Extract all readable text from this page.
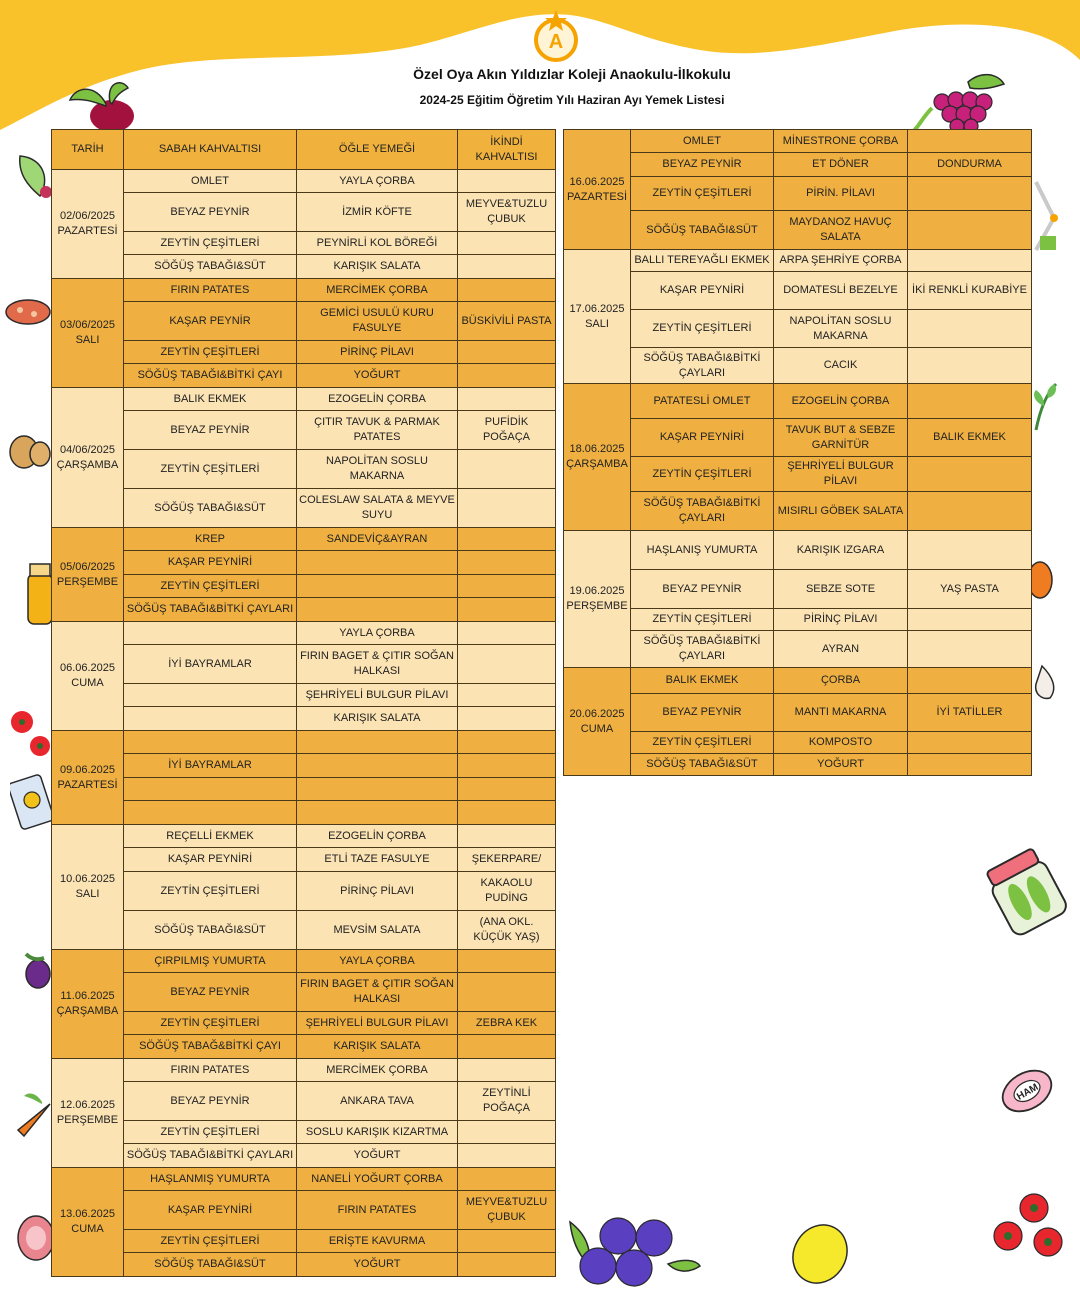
A
Özel Oya Akın Yıldızlar Koleji Anaokulu-İlkokulu
2024-25 Eğitim Öğretim Yılı Haziran Ayı Yemek Listesi
HAM
TARİH	SABAH KAHVALTISI	ÖĞLE YEMEĞİ	İKİNDİ KAHVALTISI

02/06/2025
PAZARTESİ	OMLET	YAYLA ÇORBA	
	BEYAZ PEYNİR	İZMİR KÖFTE	MEYVE&TUZLU ÇUBUK
	ZEYTİN ÇEŞİTLERİ	PEYNİRLİ KOL BÖREĞİ	
	SÖĞÜŞ TABAĞI&SÜT	KARIŞIK SALATA	

03/06/2025
SALI	FIRIN PATATES	MERCİMEK ÇORBA	
	KAŞAR PEYNİR	GEMİCİ USULÜ KURU FASULYE	BÜSKİVİLİ PASTA
	ZEYTİN ÇEŞİTLERİ	PİRİNÇ PİLAVI	
	SÖĞÜŞ TABAĞI&BİTKİ ÇAYI	YOĞURT	

04/06/2025
ÇARŞAMBA	BALIK EKMEK	EZOGELİN ÇORBA	
	BEYAZ PEYNİR	ÇITIR TAVUK & PARMAK PATATES	PUFİDİK POĞAÇA
	ZEYTİN ÇEŞİTLERİ	NAPOLİTAN SOSLU MAKARNA	
	SÖĞÜŞ TABAĞI&SÜT	COLESLAW SALATA & MEYVE SUYU	

05/06/2025
PERŞEMBE	KREP	SANDEVİÇ&AYRAN	
	KAŞAR PEYNİRİ		
	ZEYTİN ÇEŞİTLERİ		
	SÖĞÜŞ TABAĞI&BİTKİ ÇAYLARI		

06.06.2025
CUMA		YAYLA ÇORBA	
	İYİ BAYRAMLAR	FIRIN BAGET & ÇITIR SOĞAN HALKASI	
		ŞEHRİYELİ BULGUR PİLAVI	
		KARIŞIK SALATA	

09.06.2025
PAZARTESİ			

	İYİ BAYRAMLAR		

10.06.2025
SALI	REÇELLİ EKMEK	EZOGELİN ÇORBA	
	KAŞAR PEYNİRİ	ETLİ TAZE FASULYE	ŞEKERPARE/
	ZEYTİN ÇEŞİTLERİ	PİRİNÇ PİLAVI	KAKAOLU PUDİNG
	SÖĞÜŞ TABAĞI&SÜT	MEVSİM SALATA	(ANA OKL. KÜÇÜK YAŞ)

11.06.2025
ÇARŞAMBA	ÇIRPILMIŞ YUMURTA	YAYLA ÇORBA	
	BEYAZ PEYNİR	FIRIN BAGET & ÇITIR SOĞAN HALKASI	
	ZEYTİN ÇEŞİTLERİ	ŞEHRİYELİ BULGUR PİLAVI	ZEBRA KEK
	SÖĞÜŞ TABAĞ&BİTKİ ÇAYI	KARIŞIK SALATA	

12.06.2025
PERŞEMBE	FIRIN PATATES	MERCİMEK ÇORBA	
	BEYAZ PEYNİR	ANKARA TAVA	ZEYTİNLİ POĞAÇA
	ZEYTİN ÇEŞİTLERİ	SOSLU KARIŞIK KIZARTMA	
	SÖĞÜŞ TABAĞI&BİTKİ ÇAYLARI	YOĞURT	

13.06.2025
CUMA	HAŞLANMIŞ YUMURTA	NANELİ YOĞURT ÇORBA	
	KAŞAR PEYNİRİ	FIRIN PATATES	MEYVE&TUZLU ÇUBUK
	ZEYTİN ÇEŞİTLERİ	ERİŞTE KAVURMA	
	SÖĞÜŞ TABAĞI&SÜT	YOĞURT	
16.06.2025
PAZARTESİ	OMLET	MİNESTRONE ÇORBA	
	BEYAZ PEYNİR	ET DÖNER	DONDURMA
	ZEYTİN ÇEŞİTLERİ	PİRİN. PİLAVI	
	SÖĞÜŞ TABAĞI&SÜT	MAYDANOZ HAVUÇ SALATA	

17.06.2025
SALI	BALLI TEREYAĞLI EKMEK	ARPA ŞEHRİYE ÇORBA	
	KAŞAR PEYNİRİ	DOMATESLİ BEZELYE	İKİ RENKLİ KURABİYE
	ZEYTİN ÇEŞİTLERİ	NAPOLİTAN SOSLU MAKARNA	
	SÖĞÜŞ TABAĞI&BİTKİ ÇAYLARI	CACIK	

18.06.2025
ÇARŞAMBA	PATATESLİ OMLET	EZOGELİN ÇORBA	
	KAŞAR PEYNİRİ	TAVUK BUT & SEBZE GARNİTÜR	BALIK EKMEK
	ZEYTİN ÇEŞİTLERİ	ŞEHRİYELİ BULGUR PİLAVI	
	SÖĞÜŞ TABAĞI&BİTKİ ÇAYLARI	MISIRLI GÖBEK SALATA	

19.06.2025
PERŞEMBE	HAŞLANIŞ YUMURTA	KARIŞIK IZGARA	
	BEYAZ PEYNİR	SEBZE SOTE	YAŞ PASTA
	ZEYTİN ÇEŞİTLERİ	PİRİNÇ PİLAVI	
	SÖĞÜŞ TABAĞI&BİTKİ ÇAYLARI	AYRAN	

20.06.2025
CUMA	BALIK EKMEK	ÇORBA	
	BEYAZ PEYNİR	MANTI MAKARNA	İYİ TATİLLER
	ZEYTİN ÇEŞİTLERİ	KOMPOSTO	
	SÖĞÜŞ TABAĞI&SÜT	YOĞURT	
